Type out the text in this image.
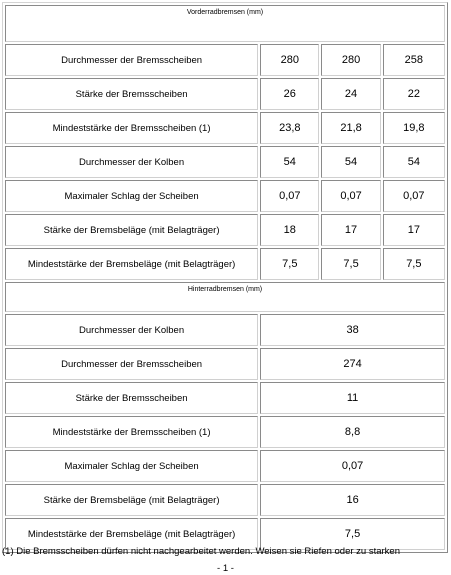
Vorderradbremsen (mm)			
Durchmesser der Bremsscheiben	280	280	258
Stärke der Bremsscheiben	26	24	22
Mindeststärke der Bremsscheiben (1)	23,8	21,8	19,8
Durchmesser der Kolben	54	54	54
Maximaler Schlag der Scheiben	0,07	0,07	0,07
Stärke der Bremsbeläge (mit Belagträger)	18	17	17
Mindeststärke der Bremsbeläge (mit Belagträger)	7,5	7,5	7,5
Hinterradbremsen (mm)			
Durchmesser der Kolben	38		
Durchmesser der Bremsscheiben	274		
Stärke der Bremsscheiben	11		
Mindeststärke der Bremsscheiben (1)	8,8		
Maximaler Schlag der Scheiben	0,07		
Stärke der Bremsbeläge (mit Belagträger)	16		
Mindeststärke der Bremsbeläge (mit Belagträger)	7,5		
(1) Die Bremsscheiben dürfen nicht nachgearbeitet werden. Weisen sie Riefen oder zu starken
- 1 -
